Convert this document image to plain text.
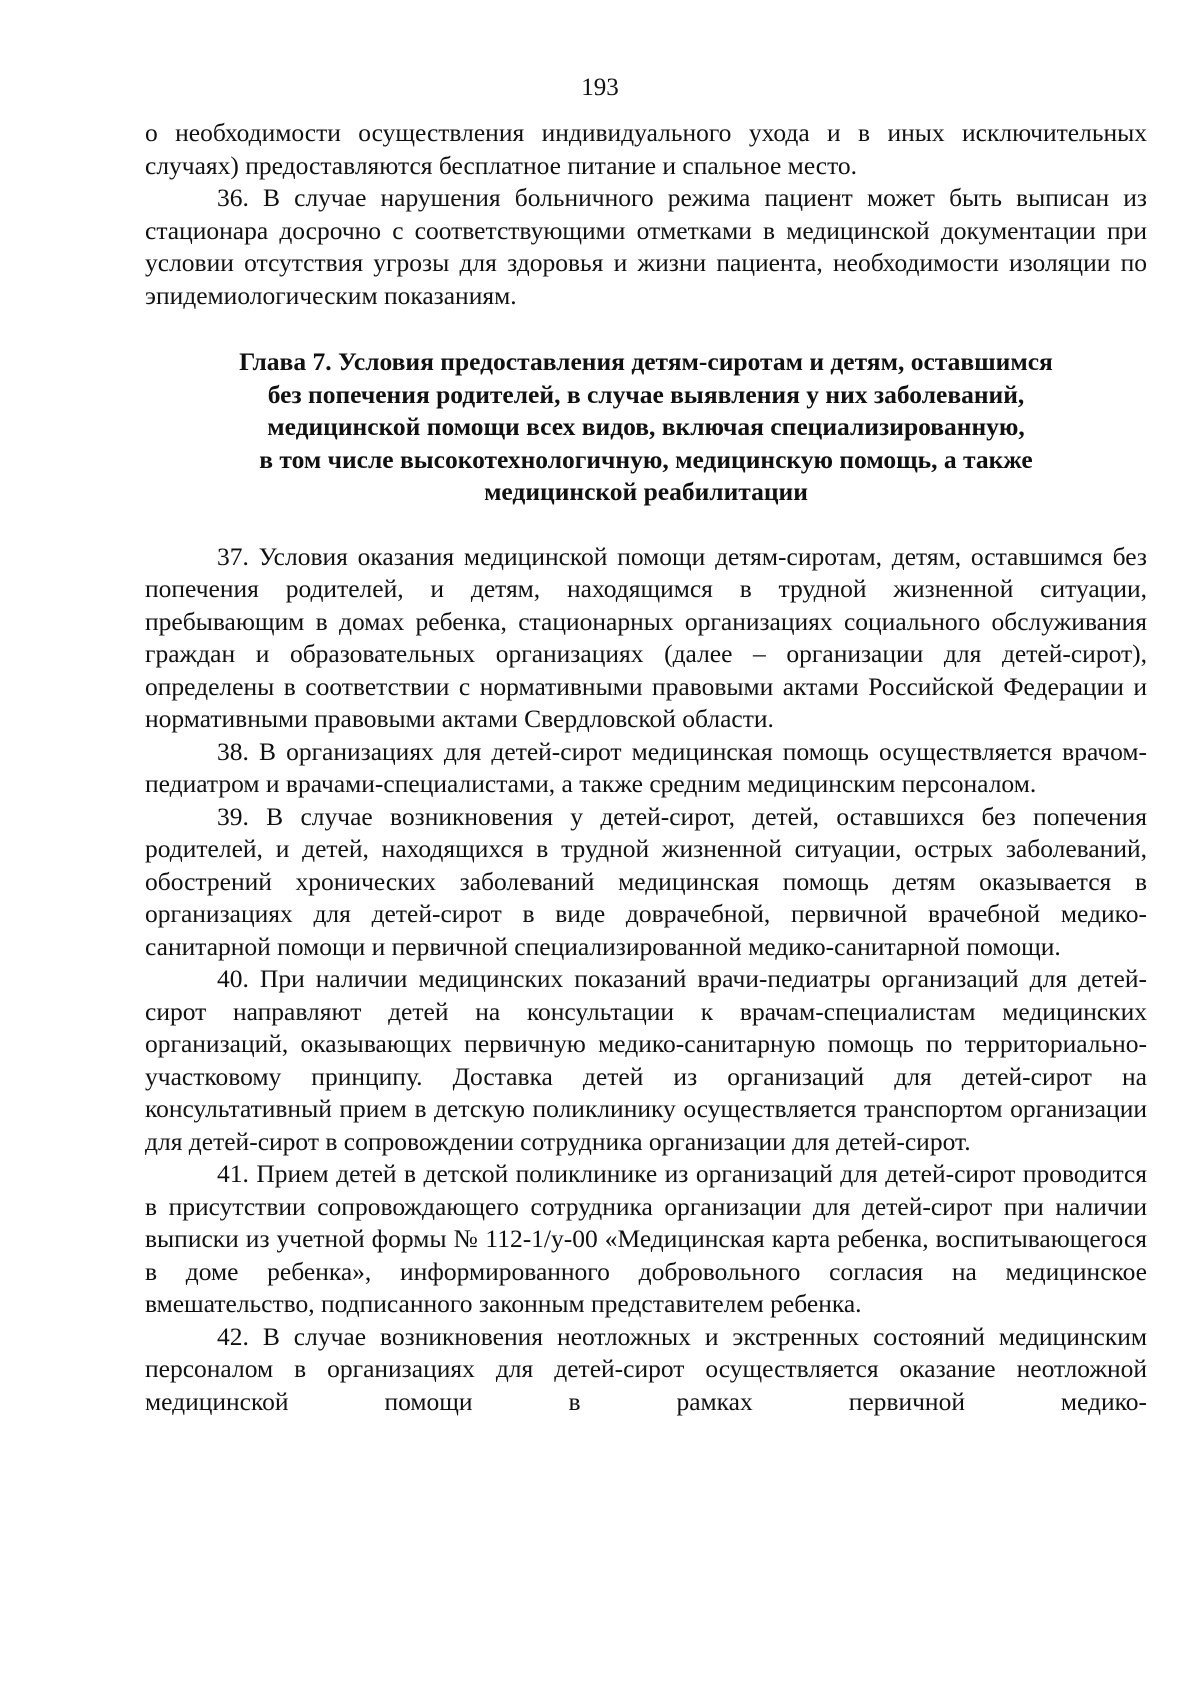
193

о необходимости осуществления индивидуального ухода и в иных исключительных случаях) предоставляются бесплатное питание и спальное место.

36. В случае нарушения больничного режима пациент может быть выписан из стационара досрочно с соответствующими отметками в медицинской документации при условии отсутствия угрозы для здоровья и жизни пациента, необходимости изоляции по эпидемиологическим показаниям.

Глава 7. Условия предоставления детям-сиротам и детям, оставшимся
без попечения родителей, в случае выявления у них заболеваний,
медицинской помощи всех видов, включая специализированную,
в том числе высокотехнологичную, медицинскую помощь, а также
медицинской реабилитации

37. Условия оказания медицинской помощи детям-сиротам, детям, оставшимся без попечения родителей, и детям, находящимся в трудной жизненной ситуации, пребывающим в домах ребенка, стационарных организациях социального обслуживания граждан и образовательных организациях (далее – организации для детей-сирот), определены в соответствии с нормативными правовыми актами Российской Федерации и нормативными правовыми актами Свердловской области.

38. В организациях для детей-сирот медицинская помощь осуществляется врачом-педиатром и врачами-специалистами, а также средним медицинским персоналом.

39. В случае возникновения у детей-сирот, детей, оставшихся без попечения родителей, и детей, находящихся в трудной жизненной ситуации, острых заболеваний, обострений хронических заболеваний медицинская помощь детям оказывается в организациях для детей-сирот в виде доврачебной, первичной врачебной медико-санитарной помощи и первичной специализированной медико-санитарной помощи.

40. При наличии медицинских показаний врачи-педиатры организаций для детей-сирот направляют детей на консультации к врачам-специалистам медицинских организаций, оказывающих первичную медико-санитарную помощь по территориально-участковому принципу. Доставка детей из организаций для детей-сирот на консультативный прием в детскую поликлинику осуществляется транспортом организации для детей-сирот в сопровождении сотрудника организации для детей-сирот.

41. Прием детей в детской поликлинике из организаций для детей-сирот проводится в присутствии сопровождающего сотрудника организации для детей-сирот при наличии выписки из учетной формы № 112-1/у-00 «Медицинская карта ребенка, воспитывающегося в доме ребенка», информированного добровольного согласия на медицинское вмешательство, подписанного законным представителем ребенка.

42. В случае возникновения неотложных и экстренных состояний медицинским персоналом в организациях для детей-сирот осуществляется оказание неотложной медицинской помощи в рамках первичной медико-
